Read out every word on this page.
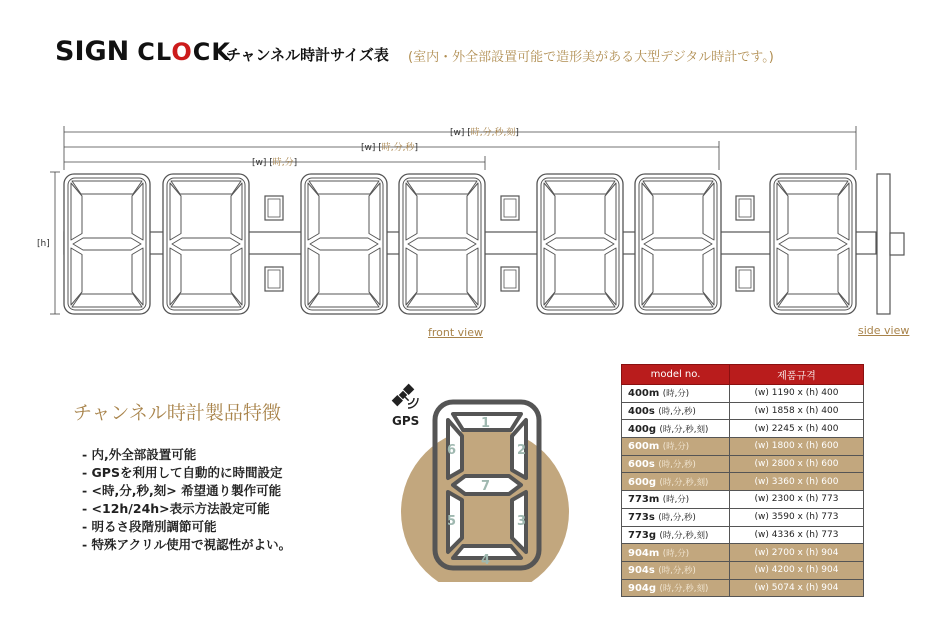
SIGN CLOCK
チャンネル時計サイズ表 (室内・外全部設置可能で造形美がある大型デジタル時計です。)
[w] [時,分,秒,刻]
[w] [時,分,秒]
[w] [時,分]
[h]
front view	side view
チャンネル時計製品特徴
- 内,外全部設置可能
- GPSを利用して自動的に時間設定
- <時,分,秒,刻> 希望通り製作可能
- <12h/24h>表示方法設定可能
- 明るさ段階別調節可能
- 特殊アクリル使用で視認性がよい。
GPS	1
2
3
4
5
6
7
model no.	제품규격
400m (時,分)	(w) 1190 x (h) 400
400s (時,分,秒)	(w) 1858 x (h) 400
400g (時,分,秒,刻)	(w) 2245 x (h) 400
600m (時,分)	(w) 1800 x (h) 600
600s (時,分,秒)	(w) 2800 x (h) 600
600g (時,分,秒,刻)	(w) 3360 x (h) 600
773m (時,分)	(w) 2300 x (h) 773
773s (時,分,秒)	(w) 3590 x (h) 773
773g (時,分,秒,刻)	(w) 4336 x (h) 773
904m (時,分)	(w) 2700 x (h) 904
904s (時,分,秒)	(w) 4200 x (h) 904
904g (時,分,秒,刻)	(w) 5074 x (h) 904
